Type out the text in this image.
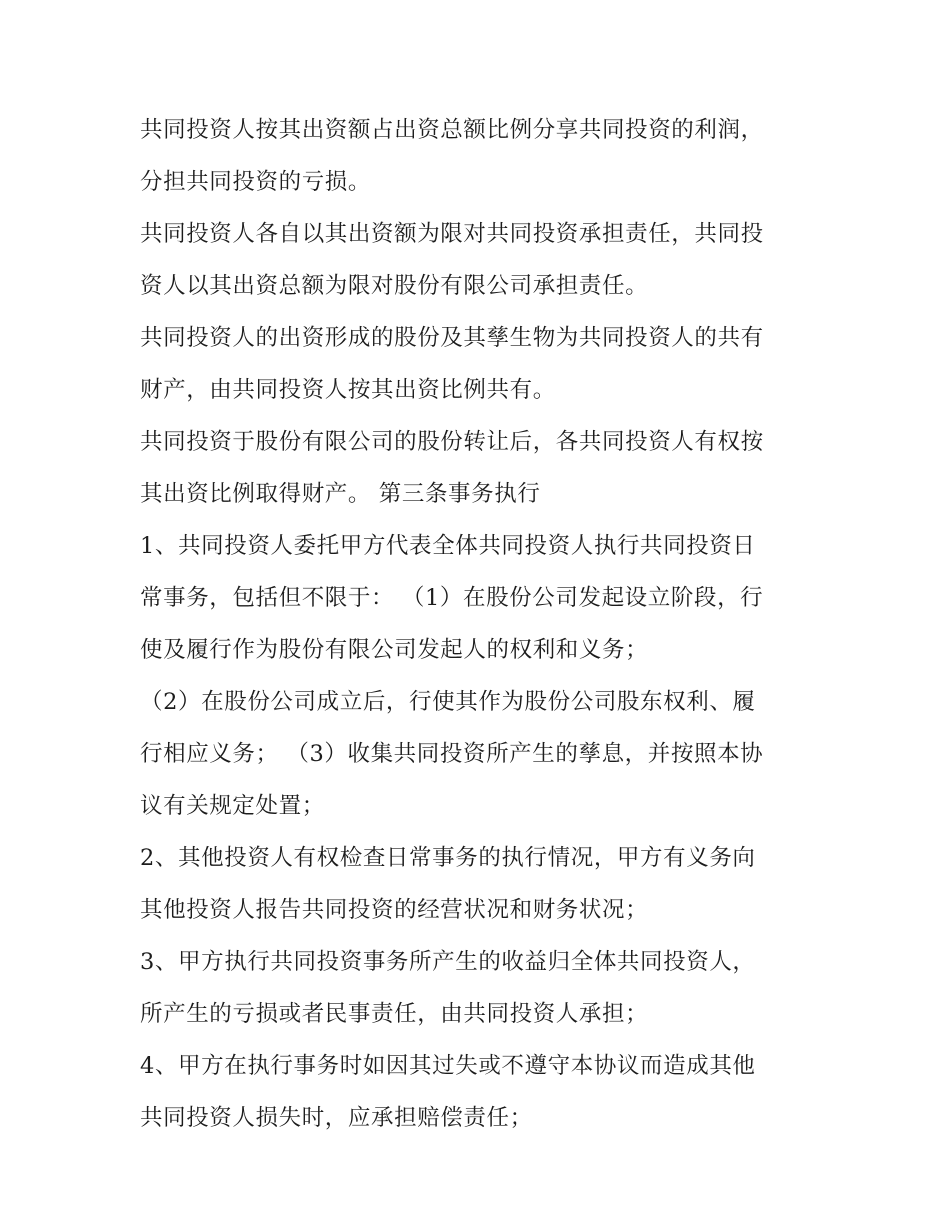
共同投资人按其出资额占出资总额比例分享共同投资的利润，
分担共同投资的亏损。
共同投资人各自以其出资额为限对共同投资承担责任，共同投
资人以其出资总额为限对股份有限公司承担责任。
共同投资人的出资形成的股份及其孳生物为共同投资人的共有
财产，由共同投资人按其出资比例共有。
共同投资于股份有限公司的股份转让后，各共同投资人有权按
其出资比例取得财产。 第三条事务执行
1、共同投资人委托甲方代表全体共同投资人执行共同投资日
常事务，包括但不限于： （1）在股份公司发起设立阶段，行
使及履行作为股份有限公司发起人的权利和义务；
（2）在股份公司成立后，行使其作为股份公司股东权利、履
行相应义务； （3）收集共同投资所产生的孳息，并按照本协
议有关规定处置；
2、其他投资人有权检查日常事务的执行情况，甲方有义务向
其他投资人报告共同投资的经营状况和财务状况；
3、甲方执行共同投资事务所产生的收益归全体共同投资人，
所产生的亏损或者民事责任，由共同投资人承担；
4、甲方在执行事务时如因其过失或不遵守本协议而造成其他
共同投资人损失时，应承担赔偿责任；
